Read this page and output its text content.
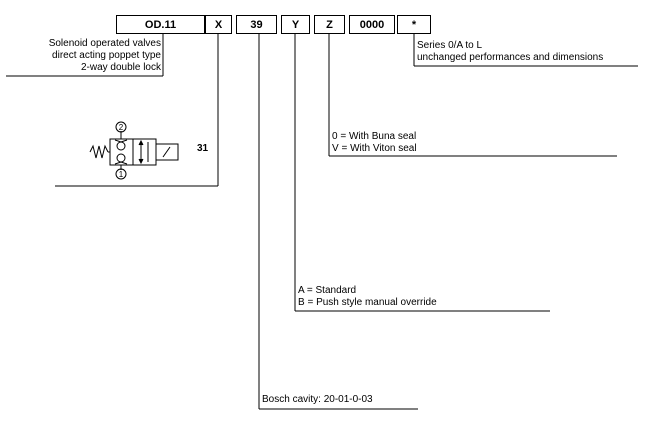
2
1
OD.11	X	39	Y	Z	0000	*
Solenoid operated valves
direct acting poppet type
2-way double lock
31
Series 0/A to L
unchanged performances and dimensions
0 = With Buna seal
V = With Viton seal
A = Standard
B = Push style manual override
Bosch cavity: 20-01-0-03
